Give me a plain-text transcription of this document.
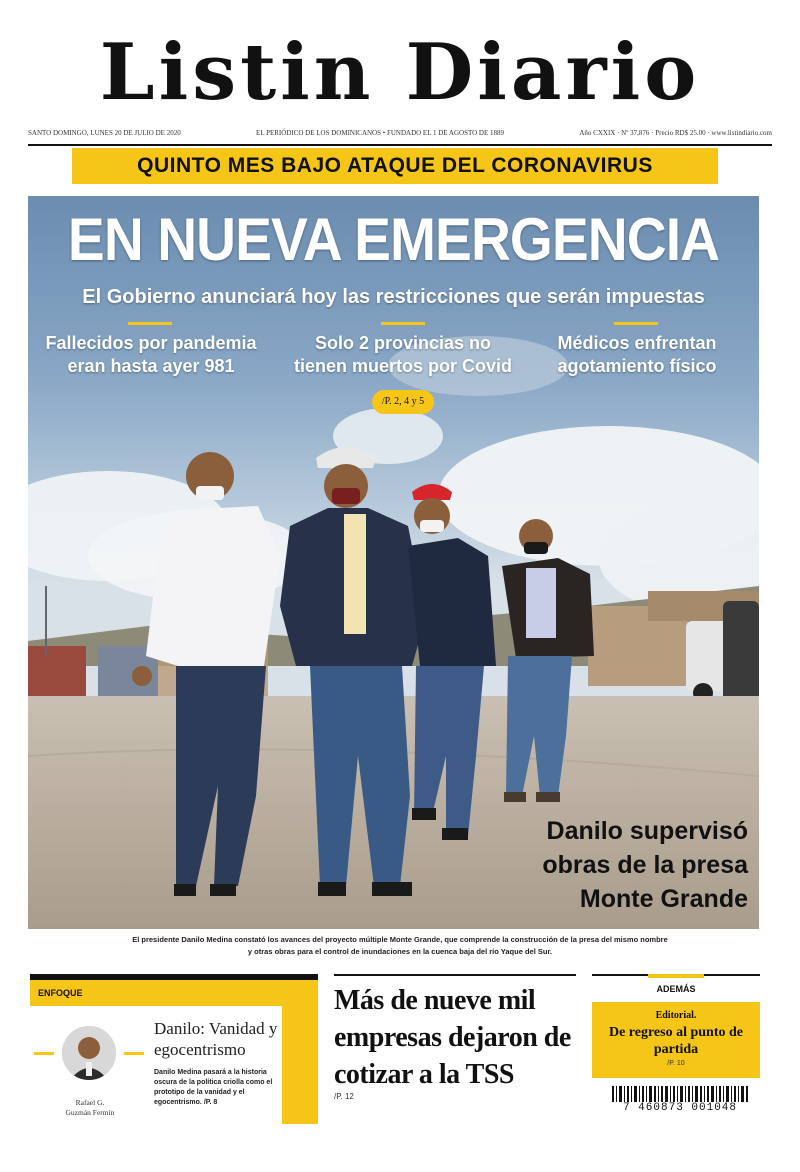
Listin Diario
SANTO DOMINGO, LUNES 20 DE JULIO DE 2020	EL PERIÓDICO DE LOS DOMINICANOS • FUNDADO EL 1 DE AGOSTO DE 1889	Año CXXIX · Nº 37,876 · Precio RD$ 25.00 · www.listindiario.com
QUINTO MES BAJO ATAQUE DEL CORONAVIRUS
EN NUEVA EMERGENCIA
El Gobierno anunciará hoy las restricciones que serán impuestas
Fallecidos por pandemia eran hasta ayer 981
Solo 2 provincias no tienen muertos por Covid
Médicos enfrentan agotamiento físico
/P. 2, 4 y 5
Danilo supervisó obras de la presa Monte Grande
El presidente Danilo Medina constató los avances del proyecto múltiple Monte Grande, que comprende la construcción de la presa del mismo nombre
y otras obras para el control de inundaciones en la cuenca baja del río Yaque del Sur.
ENFOQUE
Rafael G.
Guzmán Fermín
Danilo: Vanidad y egocentrismo
Danilo Medina pasará a la historia oscura de la política criolla como el prototipo de la vanidad y el egocentrismo. /P. 8
Más de nueve mil empresas dejaron de cotizar a la TSS
/P. 12
ADEMÁS
Editorial.
De regreso al punto de partida
/P. 10
7 460873 001048
